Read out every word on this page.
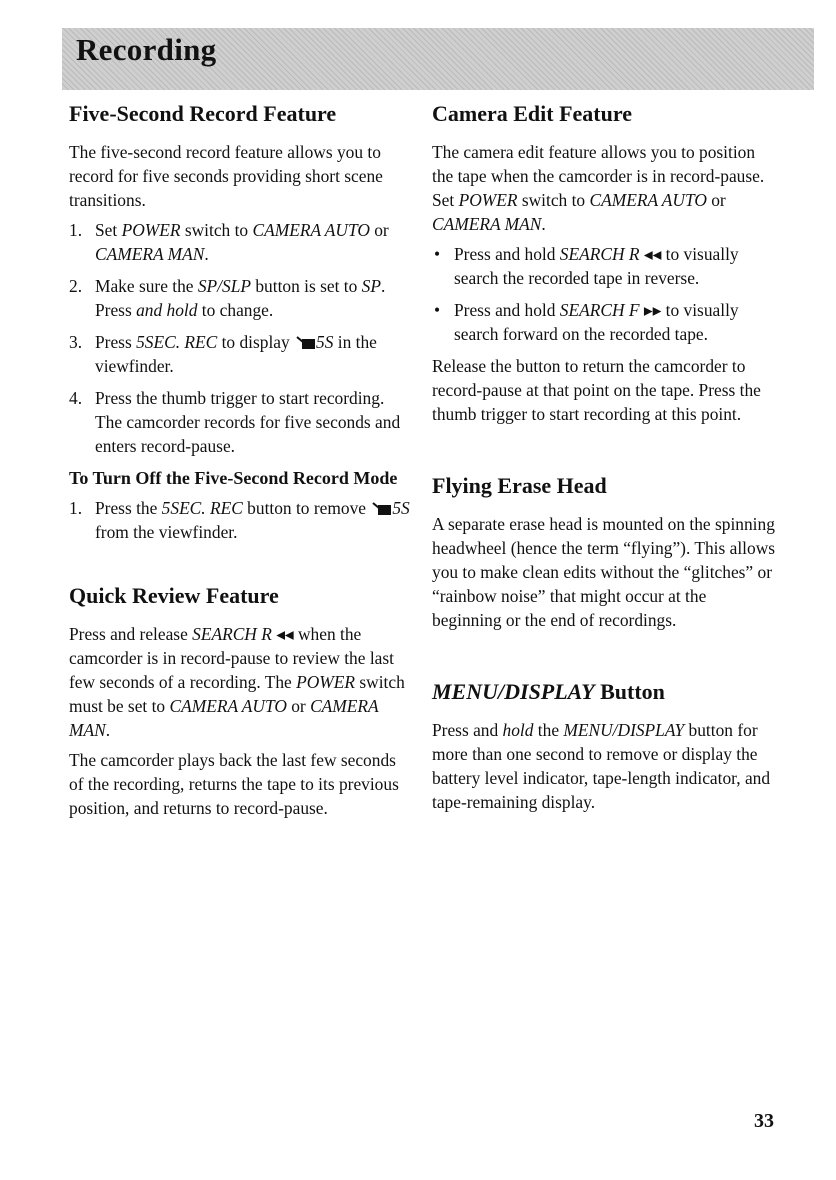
Recording
Five-Second Record Feature

The five-second record feature allows you to record for five seconds providing short scene transitions.

1. Set POWER switch to CAMERA AUTO or CAMERA MAN.
2. Make sure the SP/SLP button is set to SP. Press and hold to change.
3. Press 5SEC. REC to display 5S in the viewfinder.
4. Press the thumb trigger to start recording. The camcorder records for five seconds and enters record-pause.
To Turn Off the Five-Second Record Mode
1. Press the 5SEC. REC button to remove 5S from the viewfinder.
Quick Review Feature

Press and release SEARCH R ◂◂ when the camcorder is in record-pause to review the last few seconds of a recording. The POWER switch must be set to CAMERA AUTO or CAMERA MAN.

The camcorder plays back the last few seconds of the recording, returns the tape to its previous position, and returns to record-pause.

Camera Edit Feature

The camera edit feature allows you to position the tape when the camcorder is in record-pause. Set POWER switch to CAMERA AUTO or CAMERA MAN.

• Press and hold SEARCH R ◂◂ to visually search the recorded tape in reverse.
• Press and hold SEARCH F ▸▸ to visually search forward on the recorded tape.

Release the button to return the camcorder to record-pause at that point on the tape. Press the thumb trigger to start recording at this point.

Flying Erase Head

A separate erase head is mounted on the spinning headwheel (hence the term “flying”). This allows you to make clean edits without the “glitches” or “rainbow noise” that might occur at the beginning or the end of recordings.

MENU/DISPLAY Button

Press and hold the MENU/DISPLAY button for more than one second to remove or display the battery level indicator, tape-length indicator, and tape-remaining display.

33
